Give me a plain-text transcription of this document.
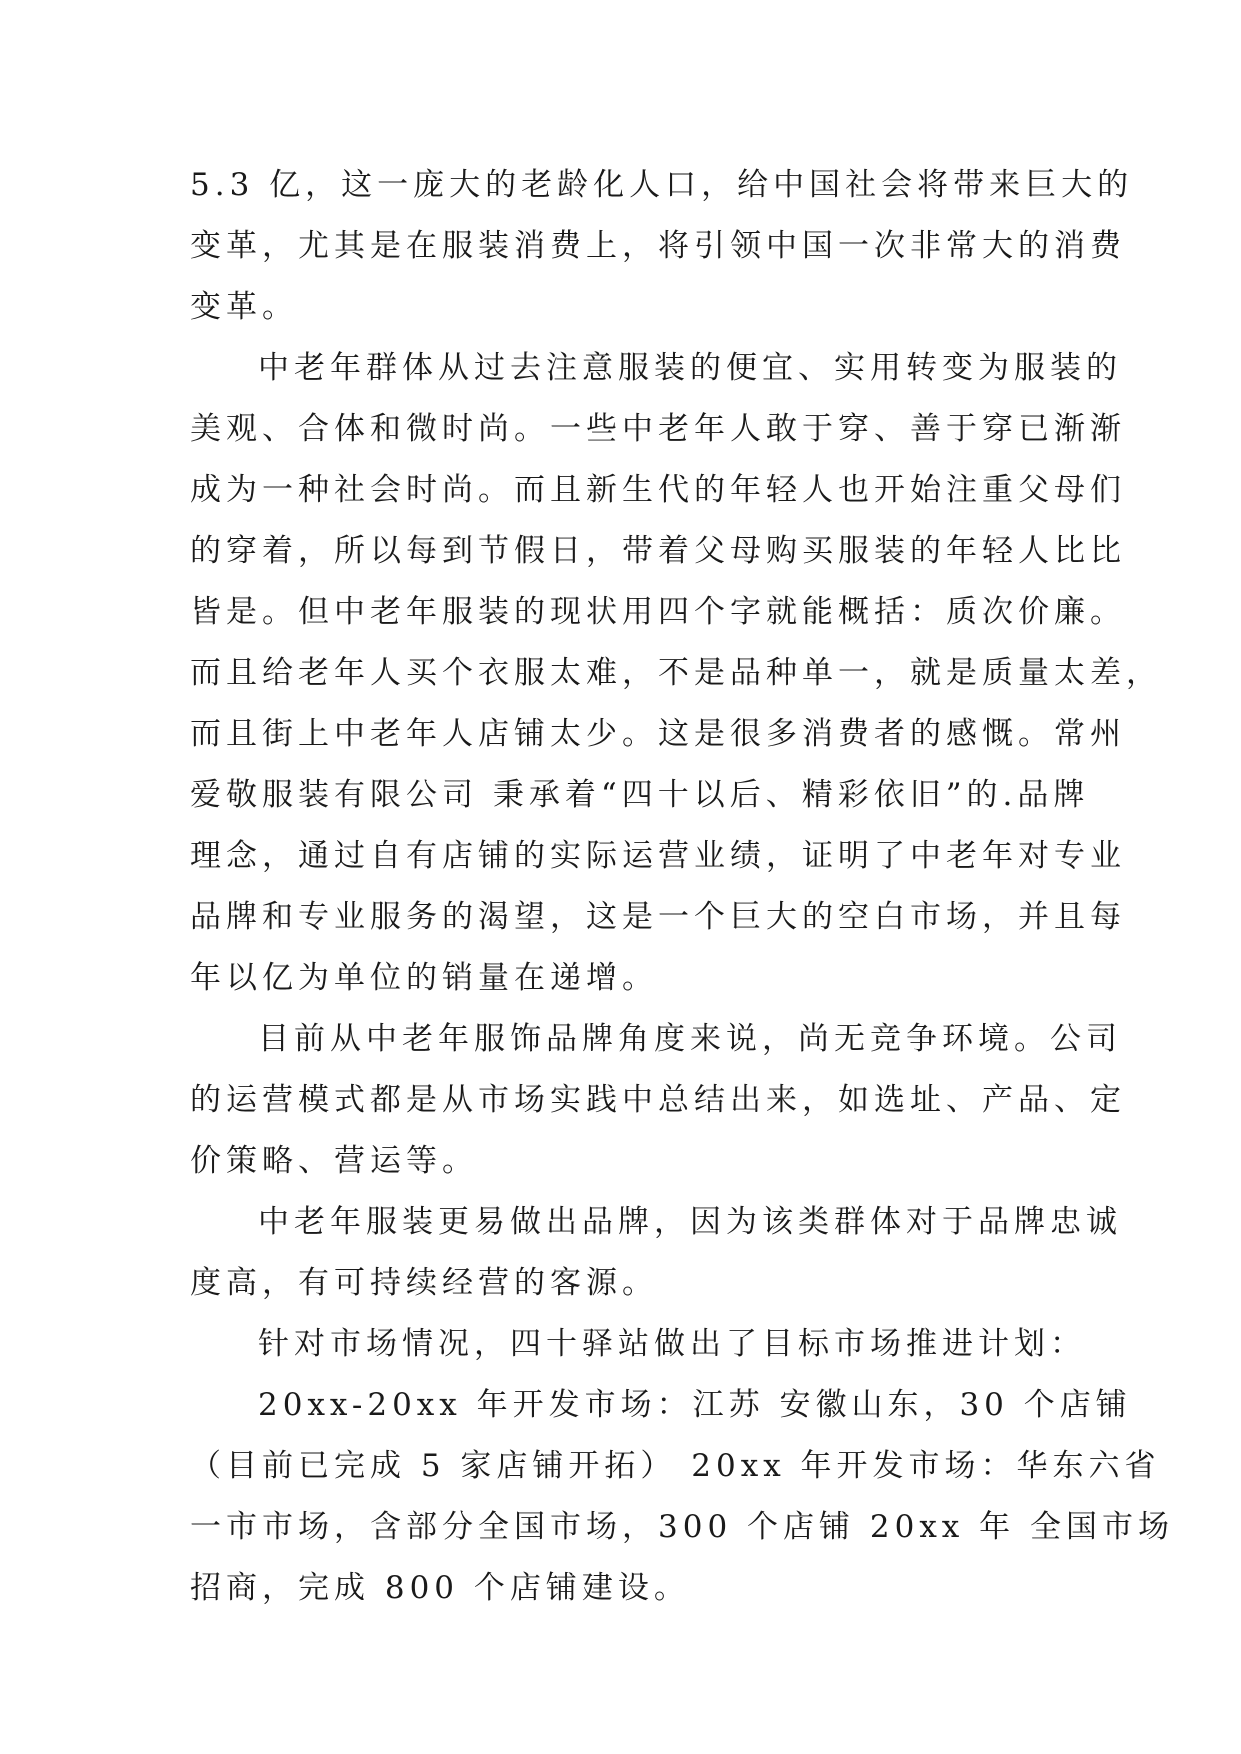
5.3 亿，这一庞大的老龄化人口，给中国社会将带来巨大的
变革，尤其是在服装消费上，将引领中国一次非常大的消费
变革。
中老年群体从过去注意服装的便宜、实用转变为服装的
美观、合体和微时尚。一些中老年人敢于穿、善于穿已渐渐
成为一种社会时尚。而且新生代的年轻人也开始注重父母们
的穿着，所以每到节假日，带着父母购买服装的年轻人比比
皆是。但中老年服装的现状用四个字就能概括：质次价廉。
而且给老年人买个衣服太难，不是品种单一，就是质量太差，
而且街上中老年人店铺太少。这是很多消费者的感慨。常州
爱敬服装有限公司 秉承着“四十以后、精彩依旧”的.品牌
理念，通过自有店铺的实际运营业绩，证明了中老年对专业
品牌和专业服务的渴望，这是一个巨大的空白市场，并且每
年以亿为单位的销量在递增。
目前从中老年服饰品牌角度来说，尚无竞争环境。公司
的运营模式都是从市场实践中总结出来，如选址、产品、定
价策略、营运等。
中老年服装更易做出品牌，因为该类群体对于品牌忠诚
度高，有可持续经营的客源。
针对市场情况，四十驿站做出了目标市场推进计划：
20xx-20xx 年开发市场：江苏 安徽山东，30 个店铺
（目前已完成 5 家店铺开拓） 20xx 年开发市场：华东六省
一市市场，含部分全国市场，300 个店铺 20xx 年 全国市场
招商，完成 800 个店铺建设。
